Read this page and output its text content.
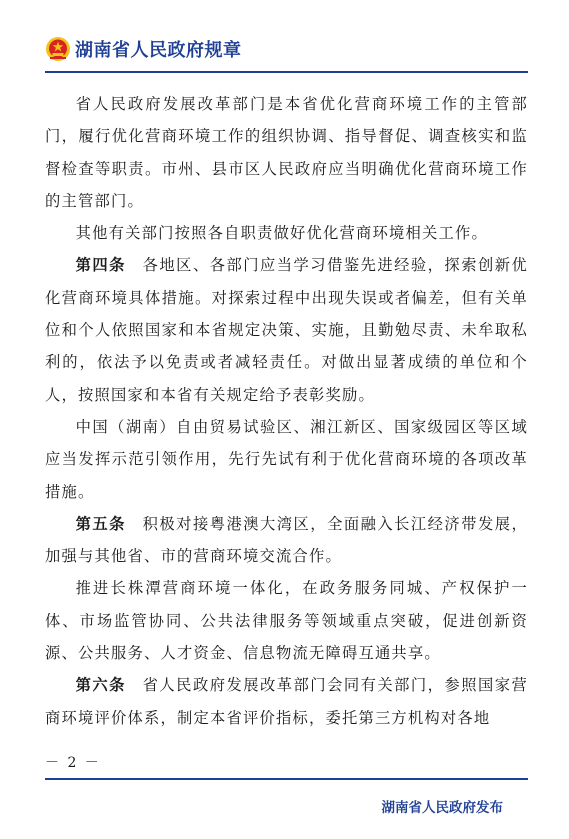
湖南省人民政府规章

省人民政府发展改革部门是本省优化营商环境工作的主管部门，履行优化营商环境工作的组织协调、指导督促、调查核实和监督检查等职责。市州、县市区人民政府应当明确优化营商环境工作的主管部门。

其他有关部门按照各自职责做好优化营商环境相关工作。

第四条　各地区、各部门应当学习借鉴先进经验，探索创新优化营商环境具体措施。对探索过程中出现失误或者偏差，但有关单位和个人依照国家和本省规定决策、实施，且勤勉尽责、未牟取私利的，依法予以免责或者减轻责任。对做出显著成绩的单位和个人，按照国家和本省有关规定给予表彰奖励。

中国（湖南）自由贸易试验区、湘江新区、国家级园区等区域应当发挥示范引领作用，先行先试有利于优化营商环境的各项改革措施。

第五条　积极对接粤港澳大湾区，全面融入长江经济带发展，加强与其他省、市的营商环境交流合作。

推进长株潭营商环境一体化，在政务服务同城、产权保护一体、市场监管协同、公共法律服务等领域重点突破，促进创新资源、公共服务、人才资金、信息物流无障碍互通共享。

第六条　省人民政府发展改革部门会同有关部门，参照国家营商环境评价体系，制定本省评价指标，委托第三方机构对各地

－ 2 －
湖南省人民政府发布
